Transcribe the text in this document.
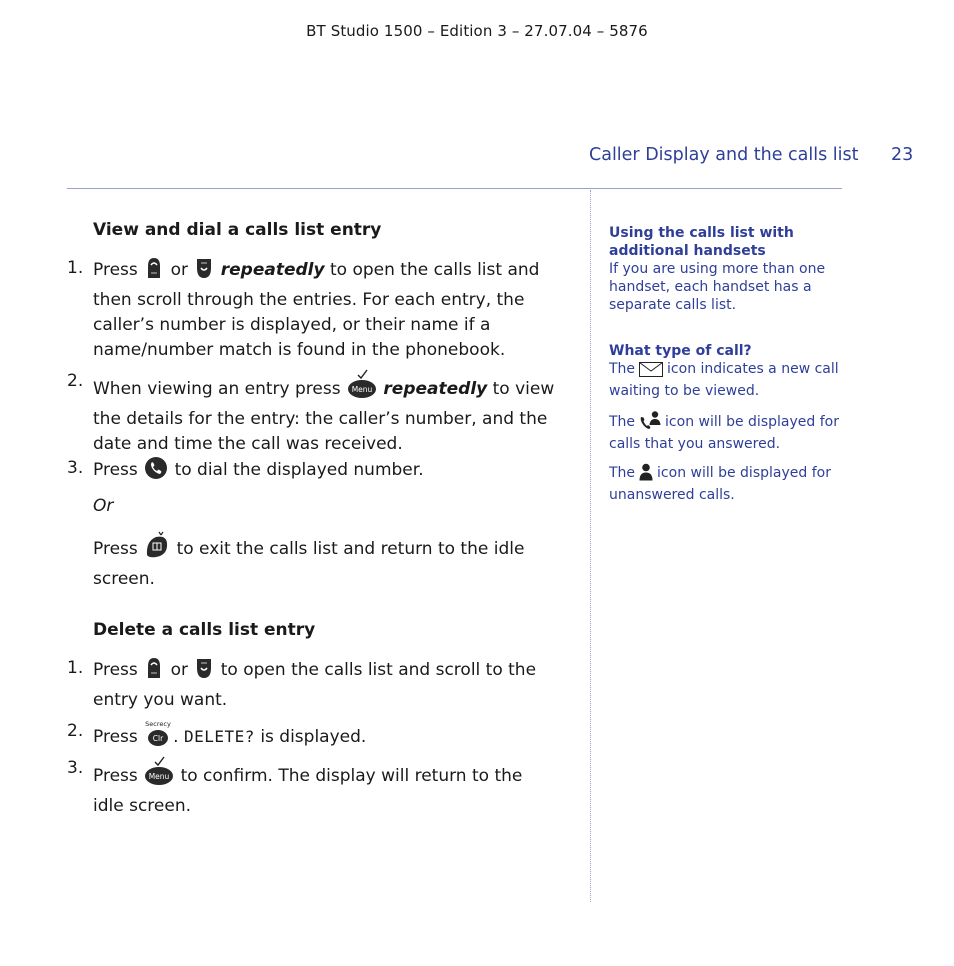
BT Studio 1500 – Edition 3 – 27.07.04 – 5876
Caller Display and the calls list 23
View and dial a calls list entry
1. Press or repeatedly to open the calls list and then scroll through the entries. For each entry, the caller’s number is displayed, or their name if a name/number match is found in the phonebook.
2. When viewing an entry press Menu repeatedly to view the details for the entry: the caller’s number, and the date and time the call was received.
3. Press to dial the displayed number.
Or
Press to exit the calls list and return to the idle screen.
Delete a calls list entry
1. Press or to open the calls list and scroll to the entry you want.
2. Press
Secrecy
Clr . DELETE? is displayed.
3. Press Menu to confirm. The display will return to the idle screen.

Using the calls list with additional handsets

If you are using more than one handset, each handset has a separate calls list.

What type of call?

The icon indicates a new call waiting to be viewed.

The icon will be displayed for calls that you answered.

The icon will be displayed for unanswered calls.
